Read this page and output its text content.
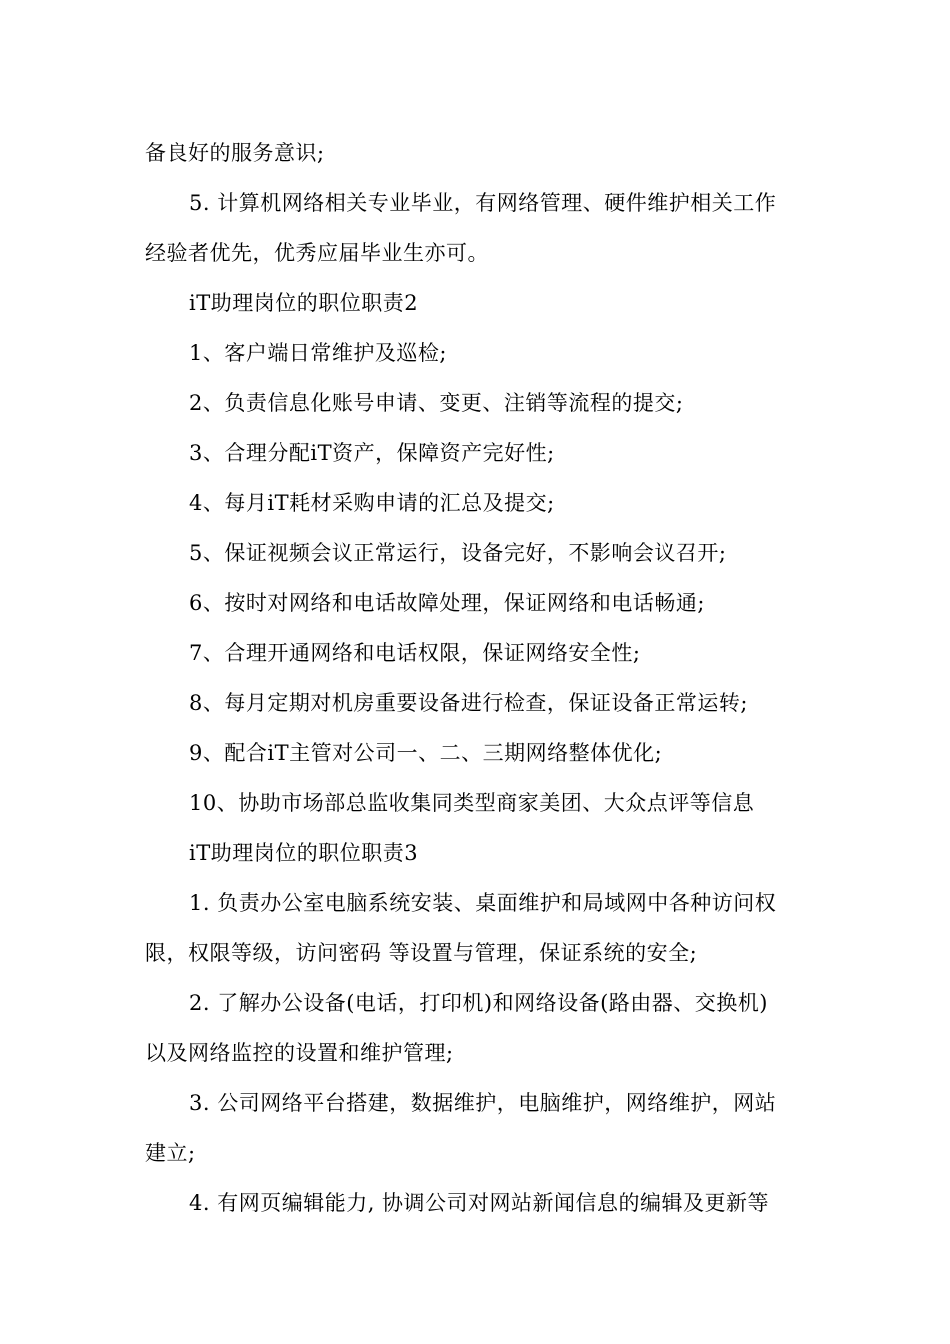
备良好的服务意识;

5. 计算机网络相关专业毕业，有网络管理、硬件维护相关工作

经验者优先，优秀应届毕业生亦可。

iT助理岗位的职位职责2

1、客户端日常维护及巡检;

2、负责信息化账号申请、变更、注销等流程的提交;

3、合理分配iT资产，保障资产完好性;

4、每月iT耗材采购申请的汇总及提交;

5、保证视频会议正常运行，设备完好，不影响会议召开;

6、按时对网络和电话故障处理，保证网络和电话畅通;

7、合理开通网络和电话权限，保证网络安全性;

8、每月定期对机房重要设备进行检查，保证设备正常运转;

9、配合iT主管对公司一、二、三期网络整体优化;

10、协助市场部总监收集同类型商家美团、大众点评等信息

iT助理岗位的职位职责3

1. 负责办公室电脑系统安装、桌面维护和局域网中各种访问权

限，权限等级，访问密码 等设置与管理，保证系统的安全;

2. 了解办公设备(电话，打印机)和网络设备(路由器、交换机)

以及网络监控的设置和维护管理;

3. 公司网络平台搭建，数据维护，电脑维护，网络维护，网站

建立;

4. 有网页编辑能力, 协调公司对网站新闻信息的编辑及更新等
